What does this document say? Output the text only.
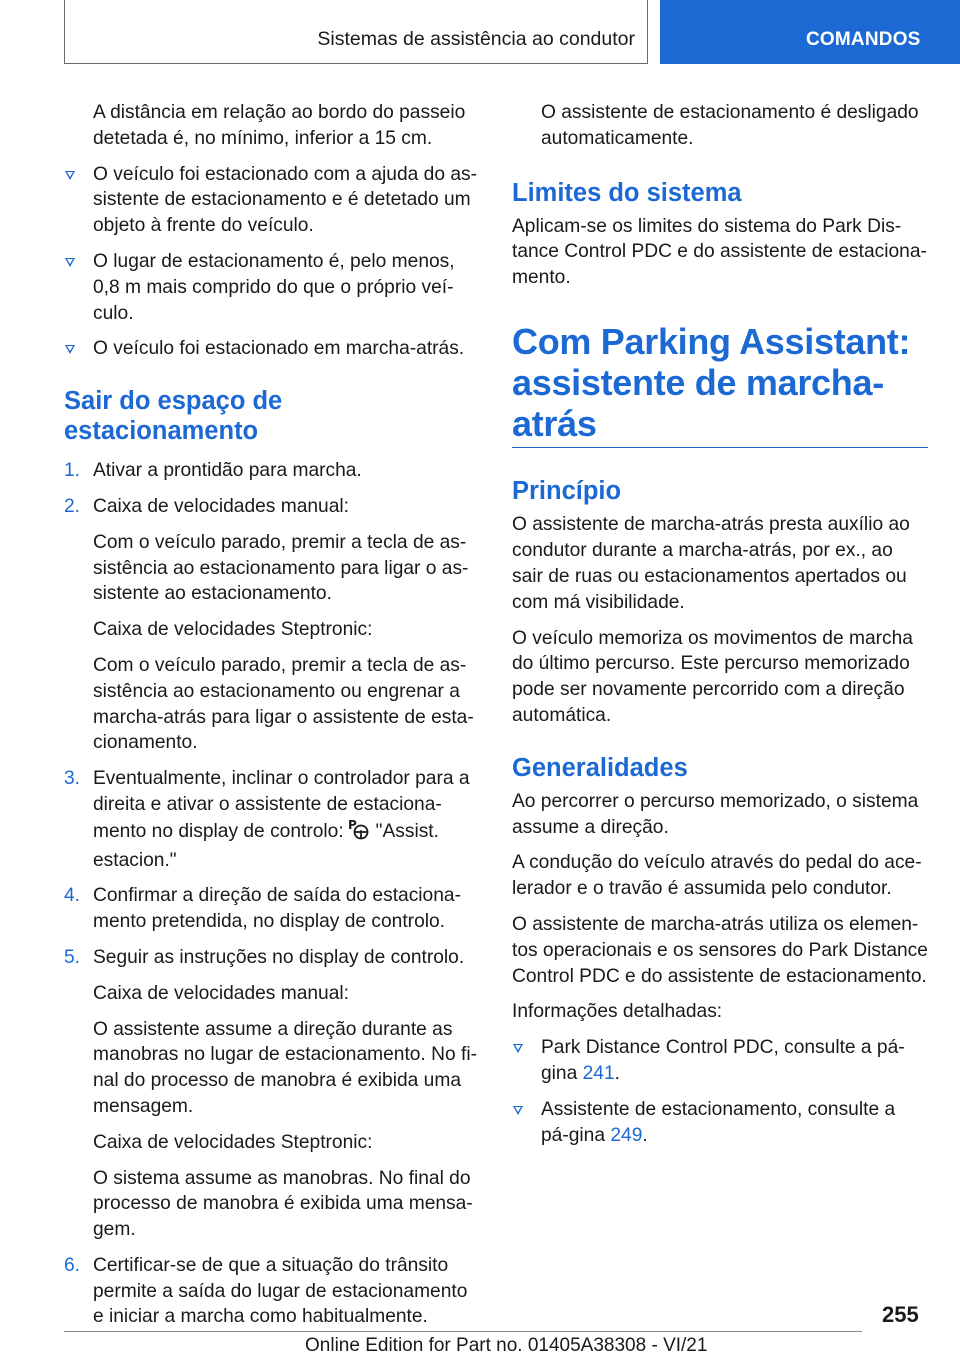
Sistemas de assistência ao condutor	COMANDOS

A distância em relação ao bordo do passeio detetada é, no mínimo, inferior a 15 cm.

O veículo foi estacionado com a ajuda do as‐sistente de estacionamento e é detetado um objeto à frente do veículo.
O lugar de estacionamento é, pelo menos, 0,8 m mais comprido do que o próprio veí‐culo.
O veículo foi estacionado em marcha-atrás.
Sair do espaço de estacionamento
1. Ativar a prontidão para marcha.
2. Caixa de velocidades manual:

Com o veículo parado, premir a tecla de as‐sistência ao estacionamento para ligar o as‐sistente ao estacionamento.

Caixa de velocidades Steptronic:

Com o veículo parado, premir a tecla de as‐sistência ao estacionamento ou engrenar a marcha-atrás para ligar o assistente de esta‐cionamento.

3. Eventualmente, inclinar o controlador para a direita e ativar o assistente de estaciona‐mento no display de controlo: P "Assist. estacion."
4. Confirmar a direção de saída do estaciona‐mento pretendida, no display de controlo.
5. Seguir as instruções no display de controlo.

Caixa de velocidades manual:

O assistente assume a direção durante as manobras no lugar de estacionamento. No fi‐nal do processo de manobra é exibida uma mensagem.

Caixa de velocidades Steptronic:

O sistema assume as manobras. No final do processo de manobra é exibida uma mensa‐gem.

6. Certificar-se de que a situação do trânsito permite a saída do lugar de estacionamento e iniciar a marcha como habitualmente.

O assistente de estacionamento é desligado automaticamente.

Limites do sistema

Aplicam-se os limites do sistema do Park Dis‐tance Control PDC e do assistente de estaciona‐mento.

Com Parking Assistant: assistente de marcha-atrás
Princípio

O assistente de marcha-atrás presta auxílio ao condutor durante a marcha-atrás, por ex., ao sair de ruas ou estacionamentos apertados ou com má visibilidade.

O veículo memoriza os movimentos de marcha do último percurso. Este percurso memorizado pode ser novamente percorrido com a direção automática.

Generalidades

Ao percorrer o percurso memorizado, o sistema assume a direção.

A condução do veículo através do pedal do ace‐lerador e o travão é assumida pelo condutor.

O assistente de marcha-atrás utiliza os elemen‐tos operacionais e os sensores do Park Distance Control PDC e do assistente de estacionamento.

Informações detalhadas:

Park Distance Control PDC, consulte a pá‐gina 241.
Assistente de estacionamento, consulte a pá‐gina 249.
255
Online Edition for Part no. 01405A38308 - VI/21
